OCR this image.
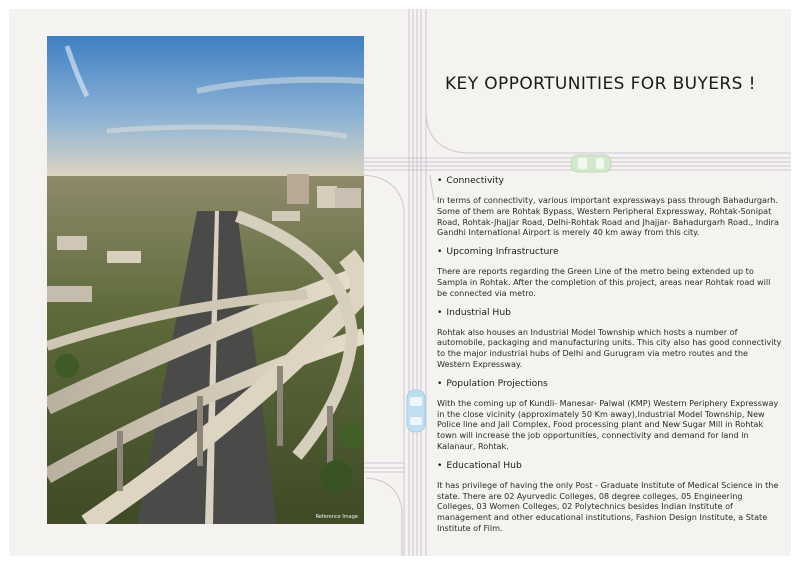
Reference Image
KEY OPPORTUNITIES FOR BUYERS !

• Connectivity

In terms of connectivity, various important expressways pass through Bahadurgarh. Some of them are Rohtak Bypass, Western Peripheral Expressway, Rohtak-Sonipat Road, Rohtak-Jhajjar Road, Delhi-Rohtak Road and Jhajjar- Bahadurgarh Road., Indira Gandhi International Airport is merely 40 km away from this city.

• Upcoming Infrastructure

There are reports regarding the Green Line of the metro being extended up to Sampla in Rohtak. After the completion of this project, areas near Rohtak road will be connected via metro.

• Industrial Hub

Rohtak also houses an Industrial Model Township which hosts a number of automobile, packaging and manufacturing units. This city also has good connectivity to the major industrial hubs of Delhi and Gurugram via metro routes and the Western Expressway.

• Population Projections

With the coming up of Kundli- Manesar- Palwal (KMP) Western Periphery Expressway in the close vicinity (approximately 50 Km away),Industrial Model Township, New Police line and Jail Complex, Food processing plant and New Sugar Mill in Rohtak town will increase the job opportunities, connectivity and demand for land in Kalanaur, Rohtak.

• Educational Hub

It has privilege of having the only Post - Graduate Institute of Medical Science in the state. There are 02 Ayurvedic Colleges, 08 degree colleges, 05 Engineering Colleges, 03 Women Colleges, 02 Polytechnics besides Indian Institute of management and other educational institutions, Fashion Design Institute, a State Institute of Film.
